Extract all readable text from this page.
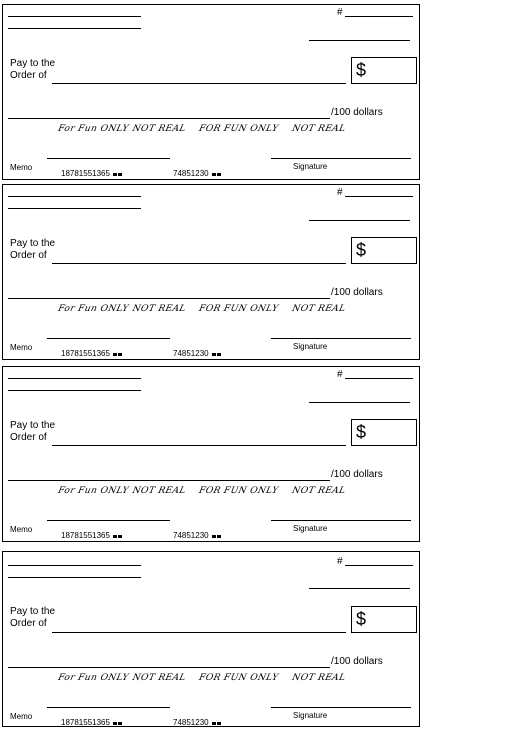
#
Pay to the
Order of	$
/100 dollars
For Fun ONLY NOT REAL FOR FUN ONLY NOT REAL
Memo	Signature
18781551365	74851230
#
Pay to the
Order of	$
/100 dollars
For Fun ONLY NOT REAL FOR FUN ONLY NOT REAL
Memo	Signature
18781551365	74851230
#
Pay to the
Order of	$
/100 dollars
For Fun ONLY NOT REAL FOR FUN ONLY NOT REAL
Memo	Signature
18781551365	74851230
#
Pay to the
Order of	$
/100 dollars
For Fun ONLY NOT REAL FOR FUN ONLY NOT REAL
Memo	Signature
18781551365	74851230
